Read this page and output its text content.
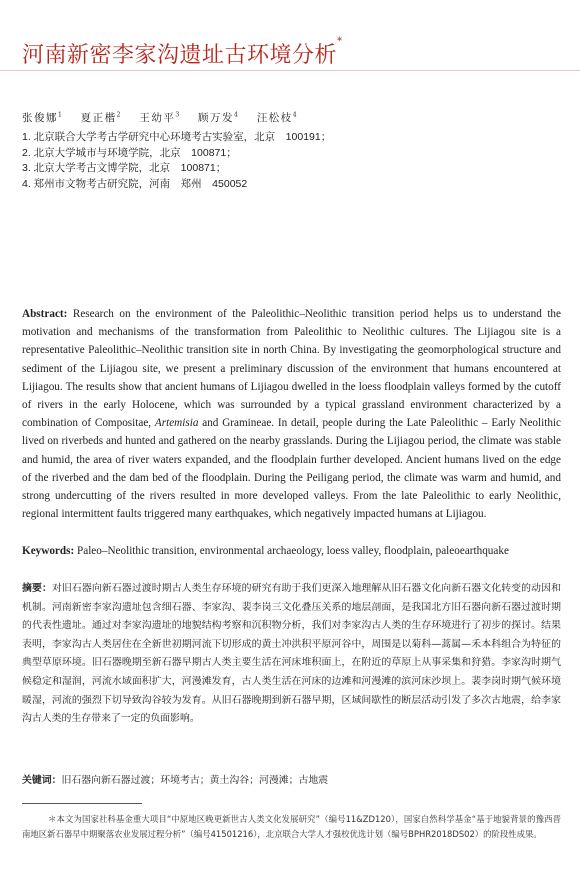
河南新密李家沟遗址古环境分析*
张俊娜$^1$ 夏正楷$^2$ 王幼平$^3$ 顾万发$^4$ 汪松枝$^4$
1. 北京联合大学考古学研究中心环境考古实验室，北京　100191；
2. 北京大学城市与环境学院，北京　100871；
3. 北京大学考古文博学院，北京　100871；
4. 郑州市文物考古研究院，河南　郑州　450052
Abstract: Research on the environment of the Paleolithic–Neolithic transition period helps us to understand the motivation and mechanisms of the transformation from Paleolithic to Neolithic cultures. The Lijiagou site is a representative Paleolithic–Neolithic transition site in north China. By investigating the geomorphological structure and sediment of the Lijiagou site, we present a preliminary discussion of the environment that humans encountered at Lijiagou. The results show that ancient humans of Lijiagou dwelled in the loess floodplain valleys formed by the cutoff of rivers in the early Holocene, which was surrounded by a typical grassland environment characterized by a combination of Compositae, Artemisia and Gramineae. In detail, people during the Late Paleolithic – Early Neolithic lived on riverbeds and hunted and gathered on the nearby grasslands. During the Lijiagou period, the climate was stable and humid, the area of river waters expanded, and the floodplain further developed. Ancient humans lived on the edge of the riverbed and the dam bed of the floodplain. During the Peiligang period, the climate was warm and humid, and strong undercutting of the rivers resulted in more developed valleys. From the late Paleolithic to early Neolithic, regional intermittent faults triggered many earthquakes, which negatively impacted humans at Lijiagou.
Keywords: Paleo–Neolithic transition, environmental archaeology, loess valley, floodplain, paleoearthquake
摘要：对旧石器向新石器过渡时期古人类生存环境的研究有助于我们更深入地理解从旧石器文化向新石器文化转变的动因和机制。河南新密李家沟遗址包含细石器、李家沟、裴李岗三文化叠压关系的地层剖面，是我国北方旧石器向新石器过渡时期的代表性遗址。通过对李家沟遗址的地貌结构考察和沉积物分析，我们对李家沟古人类的生存环境进行了初步的探讨。结果表明，李家沟古人类居住在全新世初期河流下切形成的黄土冲洪积平原河谷中，周围是以菊科—蒿属—禾本科组合为特征的典型草原环境。旧石器晚期至新石器早期古人类主要生活在河床堆积面上，在附近的草原上从事采集和狩猎。李家沟时期气候稳定和湿润，河流水域面积扩大，河漫滩发育，古人类生活在河床的边滩和河漫滩的滨河床沙坝上。裴李岗时期气候环境暖湿，河流的强烈下切导致沟谷较为发育。从旧石器晚期到新石器早期，区域间歇性的断层活动引发了多次古地震，给李家沟古人类的生存带来了一定的负面影响。
关键词：旧石器向新石器过渡；环境考古；黄土沟谷；河漫滩；古地震
＊本文为国家社科基金重大项目“中原地区晚更新世古人类文化发展研究”（编号11&ZD120），国家自然科学基金“基于地貌背景的豫西晋南地区新石器早中期聚落农业发展过程分析”（编号41501216），北京联合大学人才强校优选计划（编号BPHR2018DS02）的阶段性成果。
